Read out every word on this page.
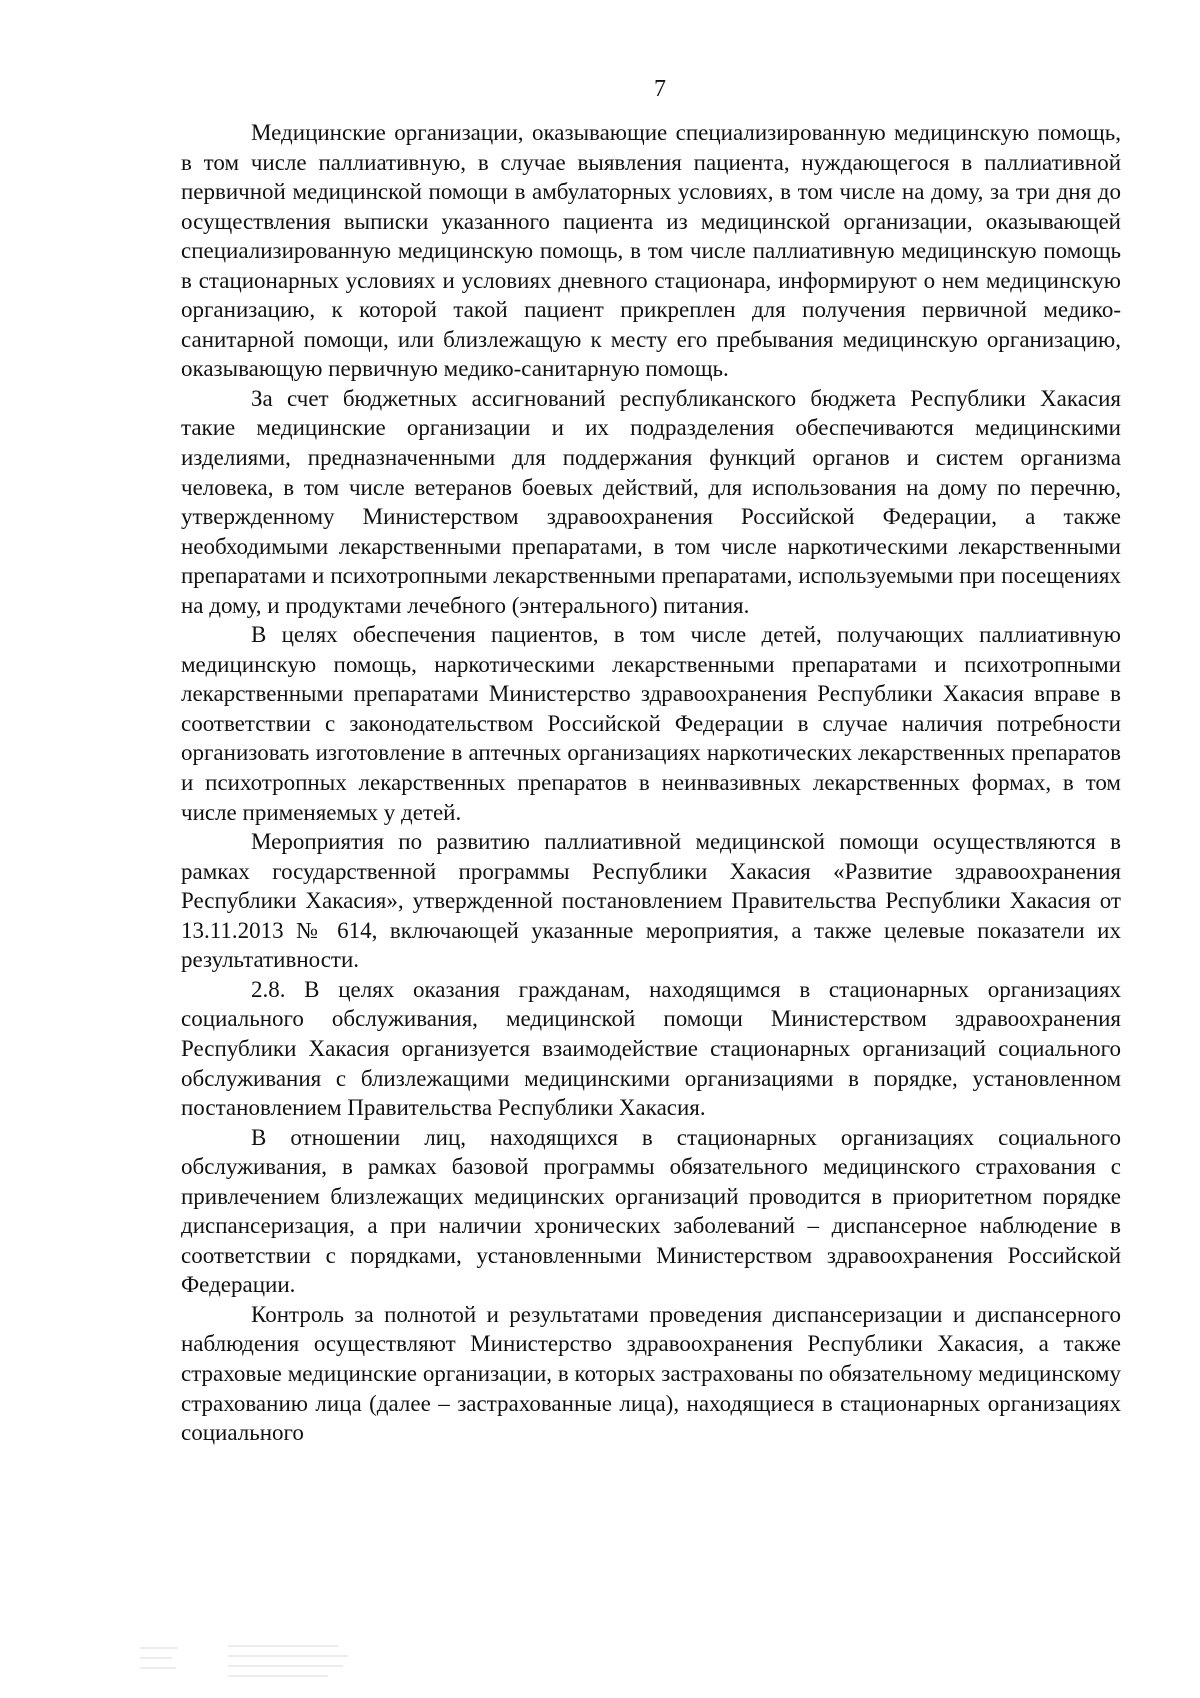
7

Медицинские организации, оказывающие специализированную медицинскую помощь, в том числе паллиативную, в случае выявления пациента, нуждающегося в паллиативной первичной медицинской помощи в амбулаторных условиях, в том числе на дому, за три дня до осуществления выписки указанного пациента из медицинской организации, оказывающей специализированную медицинскую помощь, в том числе паллиативную медицинскую помощь в стационарных условиях и условиях дневного стационара, информируют о нем медицинскую организацию, к которой такой пациент прикреплен для получения первичной медико-санитарной помощи, или близлежащую к месту его пребывания медицинскую организацию, оказывающую первичную медико-санитарную помощь.

За счет бюджетных ассигнований республиканского бюджета Республики Хакасия такие медицинские организации и их подразделения обеспечиваются медицинскими изделиями, предназначенными для поддержания функций органов и систем организма человека, в том числе ветеранов боевых действий, для использования на дому по перечню, утвержденному Министерством здравоохранения Российской Федерации, а также необходимыми лекарственными препаратами, в том числе наркотическими лекарственными препаратами и психотропными лекарственными препаратами, используемыми при посещениях на дому, и продуктами лечебного (энтерального) питания.

В целях обеспечения пациентов, в том числе детей, получающих паллиативную медицинскую помощь, наркотическими лекарственными препаратами и психотропными лекарственными препаратами Министерство здравоохранения Республики Хакасия вправе в соответствии с законодательством Российской Федерации в случае наличия потребности организовать изготовление в аптечных организациях наркотических лекарственных препаратов и психотропных лекарственных препаратов в неинвазивных лекарственных формах, в том числе применяемых у детей.

Мероприятия по развитию паллиативной медицинской помощи осуществляются в рамках государственной программы Республики Хакасия «Развитие здравоохранения Республики Хакасия», утвержденной постановлением Правительства Республики Хакасия от 13.11.2013 № 614, включающей указанные мероприятия, а также целевые показатели их результативности.

2.8. В целях оказания гражданам, находящимся в стационарных организациях социального обслуживания, медицинской помощи Министерством здравоохранения Республики Хакасия организуется взаимодействие стационарных организаций социального обслуживания с близлежащими медицинскими организациями в порядке, установленном постановлением Правительства Республики Хакасия.

В отношении лиц, находящихся в стационарных организациях социального обслуживания, в рамках базовой программы обязательного медицинского страхования с привлечением близлежащих медицинских организаций проводится в приоритетном порядке диспансеризация, а при наличии хронических заболеваний – диспансерное наблюдение в соответствии с порядками, установленными Министерством здравоохранения Российской Федерации.

Контроль за полнотой и результатами проведения диспансеризации и диспансерного наблюдения осуществляют Министерство здравоохранения Республики Хакасия, а также страховые медицинские организации, в которых застрахованы по обязательному медицинскому страхованию лица (далее – застрахованные лица), находящиеся в стационарных организациях социального
